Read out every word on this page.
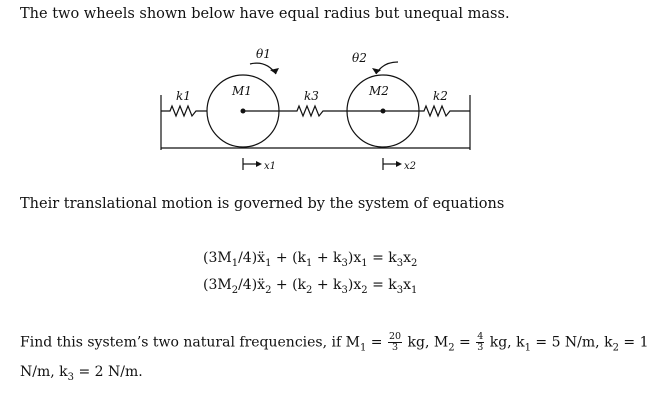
The two wheels shown below have equal radius but unequal mass.
θ1	θ2
M1	M2
k1	k3	k2
x1	x2
Their translational motion is governed by the system of equations
$(3M_1/4)ẍ_1 + (k_1 + k_3)x_1 = k_3x_2$
$(3M_2/4)ẍ_2 + (k_2 + k_3)x_2 = k_3x_1$
Find this system’s two natural frequencies, if $M_1 = \frac{20}{3}$ kg, $M_2 = \frac{4}{3}$ kg, $k_1 = 5$ N/m, $k_2 = 1$
N/m, $k_3 = 2$ N/m.
